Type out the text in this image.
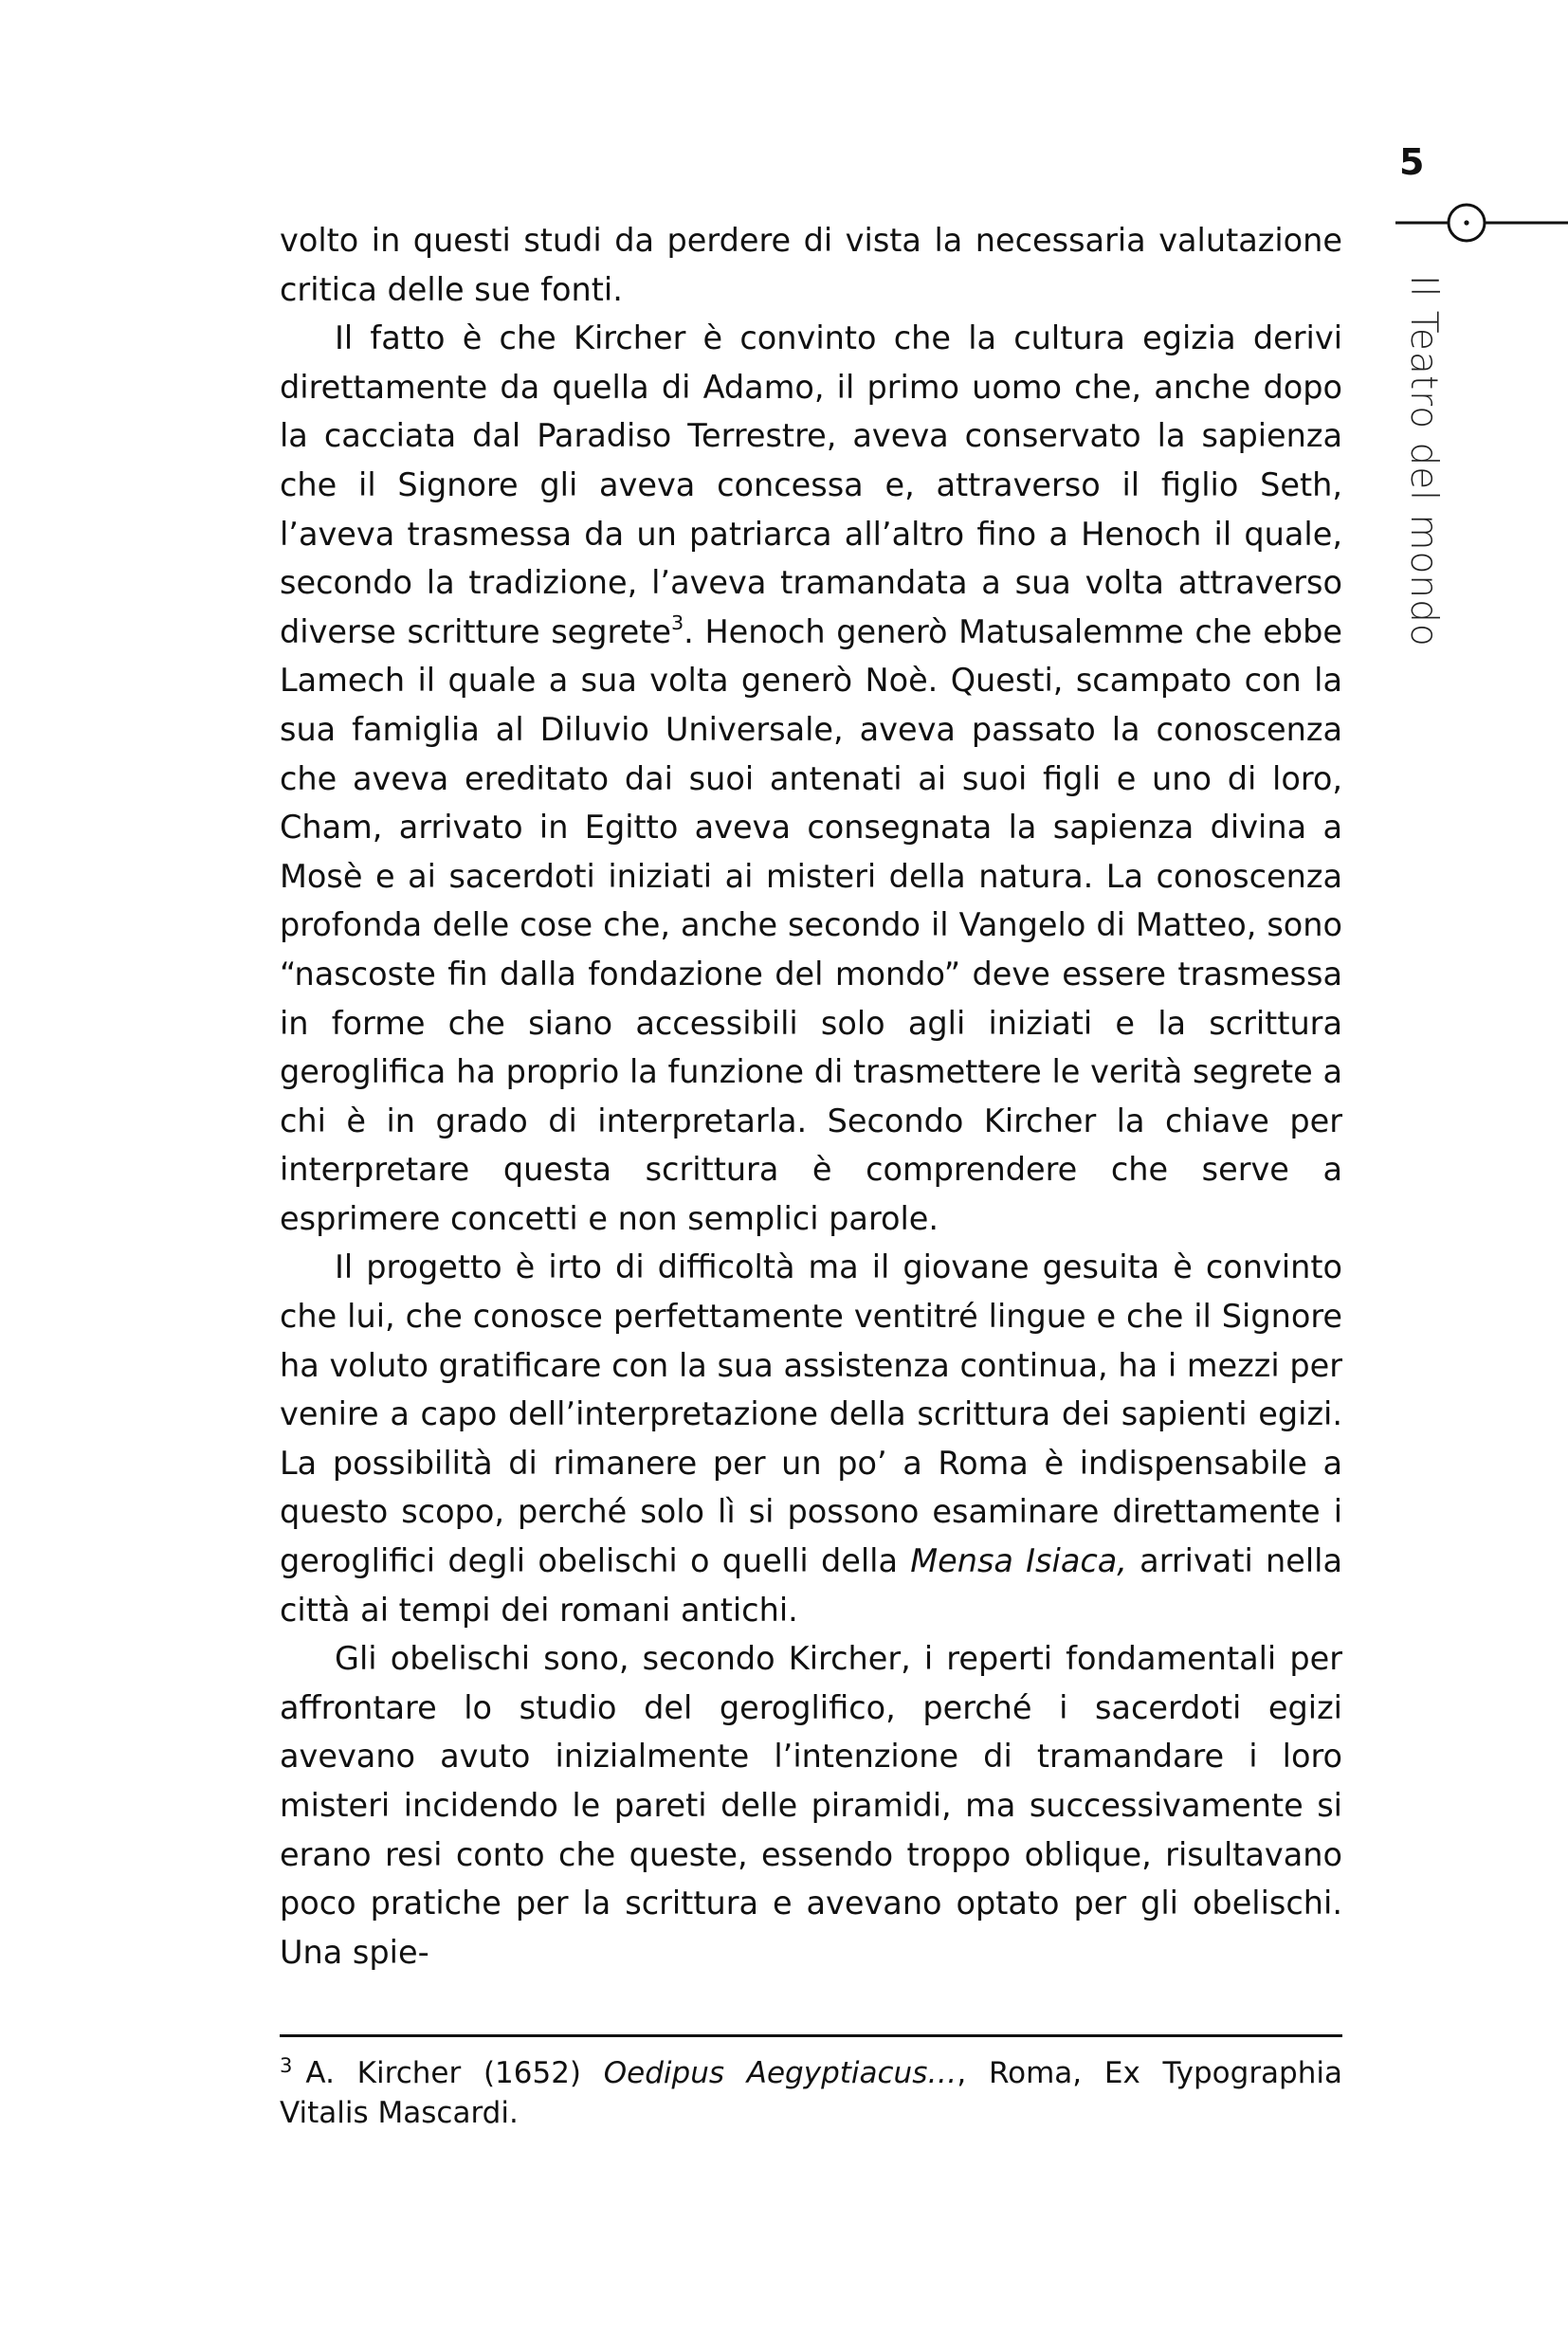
5
Il Teatro del mondo

volto in questi studi da perdere di vista la necessaria valutazione critica delle sue fonti.

Il fatto è che Kircher è convinto che la cultura egizia derivi direttamente da quella di Adamo, il primo uomo che, anche dopo la cacciata dal Paradiso Terrestre, aveva conservato la sapienza che il Signore gli aveva concessa e, attraverso il figlio Seth, l’aveva trasmessa da un patriarca all’altro fino a Henoch il quale, secondo la tradizione, l’aveva tramandata a sua volta attraverso diverse scritture segrete$^3$. Henoch generò Matusalemme che ebbe Lamech il quale a sua volta generò Noè. Questi, scampato con la sua famiglia al Diluvio Universale, aveva passato la conoscenza che aveva ereditato dai suoi antenati ai suoi figli e uno di loro, Cham, arrivato in Egitto aveva consegnata la sapienza divina a Mosè e ai sacerdoti iniziati ai misteri della natura. La conoscenza profonda delle cose che, anche secondo il Vangelo di Matteo, sono “nascoste fin dalla fondazione del mondo” deve essere trasmessa in forme che siano accessibili solo agli iniziati e la scrittura geroglifica ha proprio la funzione di trasmettere le verità segrete a chi è in grado di interpretarla. Secondo Kircher la chiave per interpretare questa scrittura è comprendere che serve a esprimere concetti e non semplici parole.

Il progetto è irto di difficoltà ma il giovane gesuita è convinto che lui, che conosce perfettamente ventitré lingue e che il Signore ha voluto gratificare con la sua assistenza continua, ha i mezzi per venire a capo dell’interpretazione della scrittura dei sapienti egizi. La possibilità di rimanere per un po’ a Roma è indispensabile a questo scopo, perché solo lì si possono esaminare direttamente i geroglifici degli obelischi o quelli della Mensa Isiaca, arrivati nella città ai tempi dei romani antichi.

Gli obelischi sono, secondo Kircher, i reperti fondamentali per affrontare lo studio del geroglifico, perché i sacerdoti egizi avevano avuto inizialmente l’intenzione di tramandare i loro misteri incidendo le pareti delle piramidi, ma successivamente si erano resi conto che queste, essendo troppo oblique, risultavano poco pratiche per la scrittura e avevano optato per gli obelischi. Una spie-

$^3$ A. Kircher (1652) Oedipus Aegyptiacus…, Roma, Ex Typographia Vitalis Mascardi.
